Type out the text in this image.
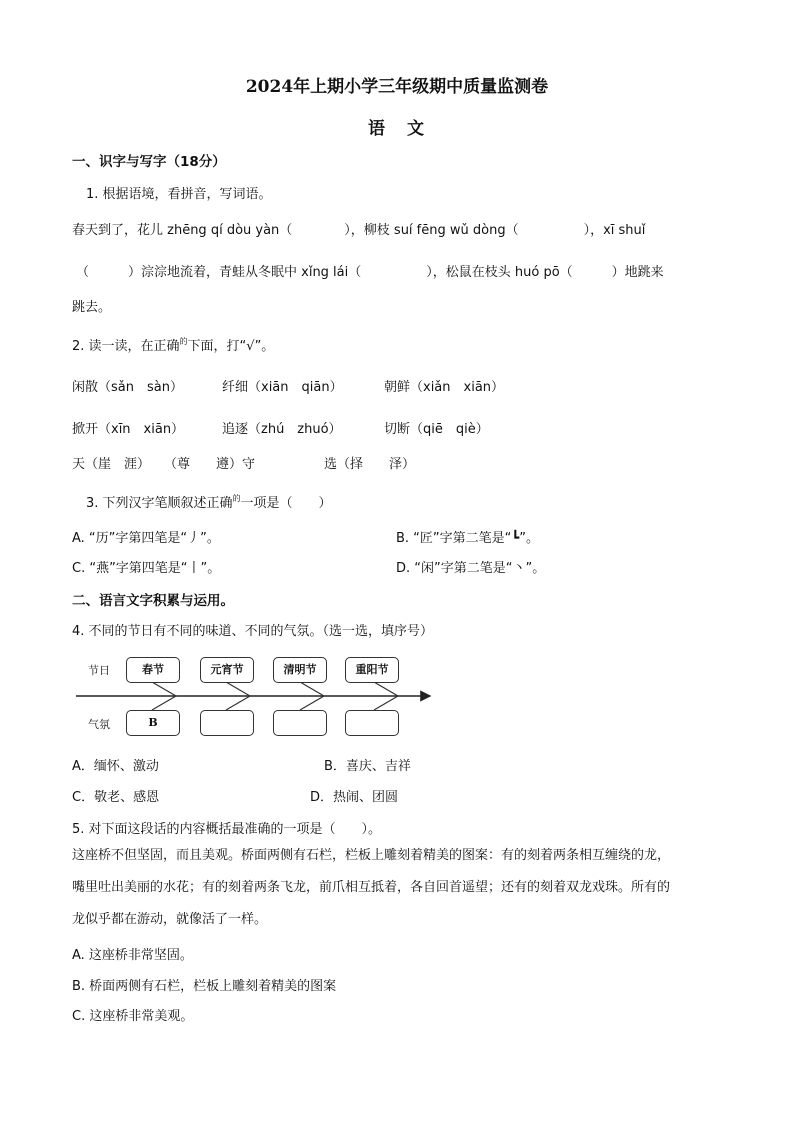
2024年上期小学三年级期中质量监测卷
语文
一、识字与写字（18分）
1. 根据语境，看拼音，写词语。
春天到了，花儿 zhēng qí dòu yàn（　　　　），柳枝 suí fēng wǔ dòng（　　　　　），xī shuǐ
（　　　）淙淙地流着，青蛙从冬眠中 xǐng lái（　　　　　），松鼠在枝头 huó pō（　　　）地跳来
跳去。
2. 读一读，在正确$^的$下面，打“√”。
闲散（sǎn　sàn）	纤细（xiān　qiān）	朝鲜（xiǎn　xiān）
掀开（xīn　xiān）	追逐（zhú　zhuó）	切断（qiē　qiè）
天（崖　涯） （尊　　遵）守	选（择　　泽）
3. 下列汉字笔顺叙述正确$^的$一项是（　　）
A. “历”字第四笔是“丿”。	B. “匠”字第二笔是“┗”。
C. “燕”字第四笔是“丨”。	D. “闲”字第二笔是“丶”。
二、语言文字积累与运用。
4. 不同的节日有不同的味道、不同的气氛。（选一选，填序号）
节日
气氛
春节	元宵节	清明节	重阳节
B
A．缅怀、激动	B．喜庆、吉祥
C．敬老、感恩	D．热闹、团圆
5. 对下面这段话的内容概括最准确的一项是（　　）。
这座桥不但坚固，而且美观。桥面两侧有石栏，栏板上雕刻着精美的图案：有的刻着两条相互缠绕的龙，
嘴里吐出美丽的水花；有的刻着两条飞龙，前爪相互抵着，各自回首遥望；还有的刻着双龙戏珠。所有的
龙似乎都在游动，就像活了一样。
A. 这座桥非常坚固。
B. 桥面两侧有石栏，栏板上雕刻着精美的图案
C. 这座桥非常美观。
